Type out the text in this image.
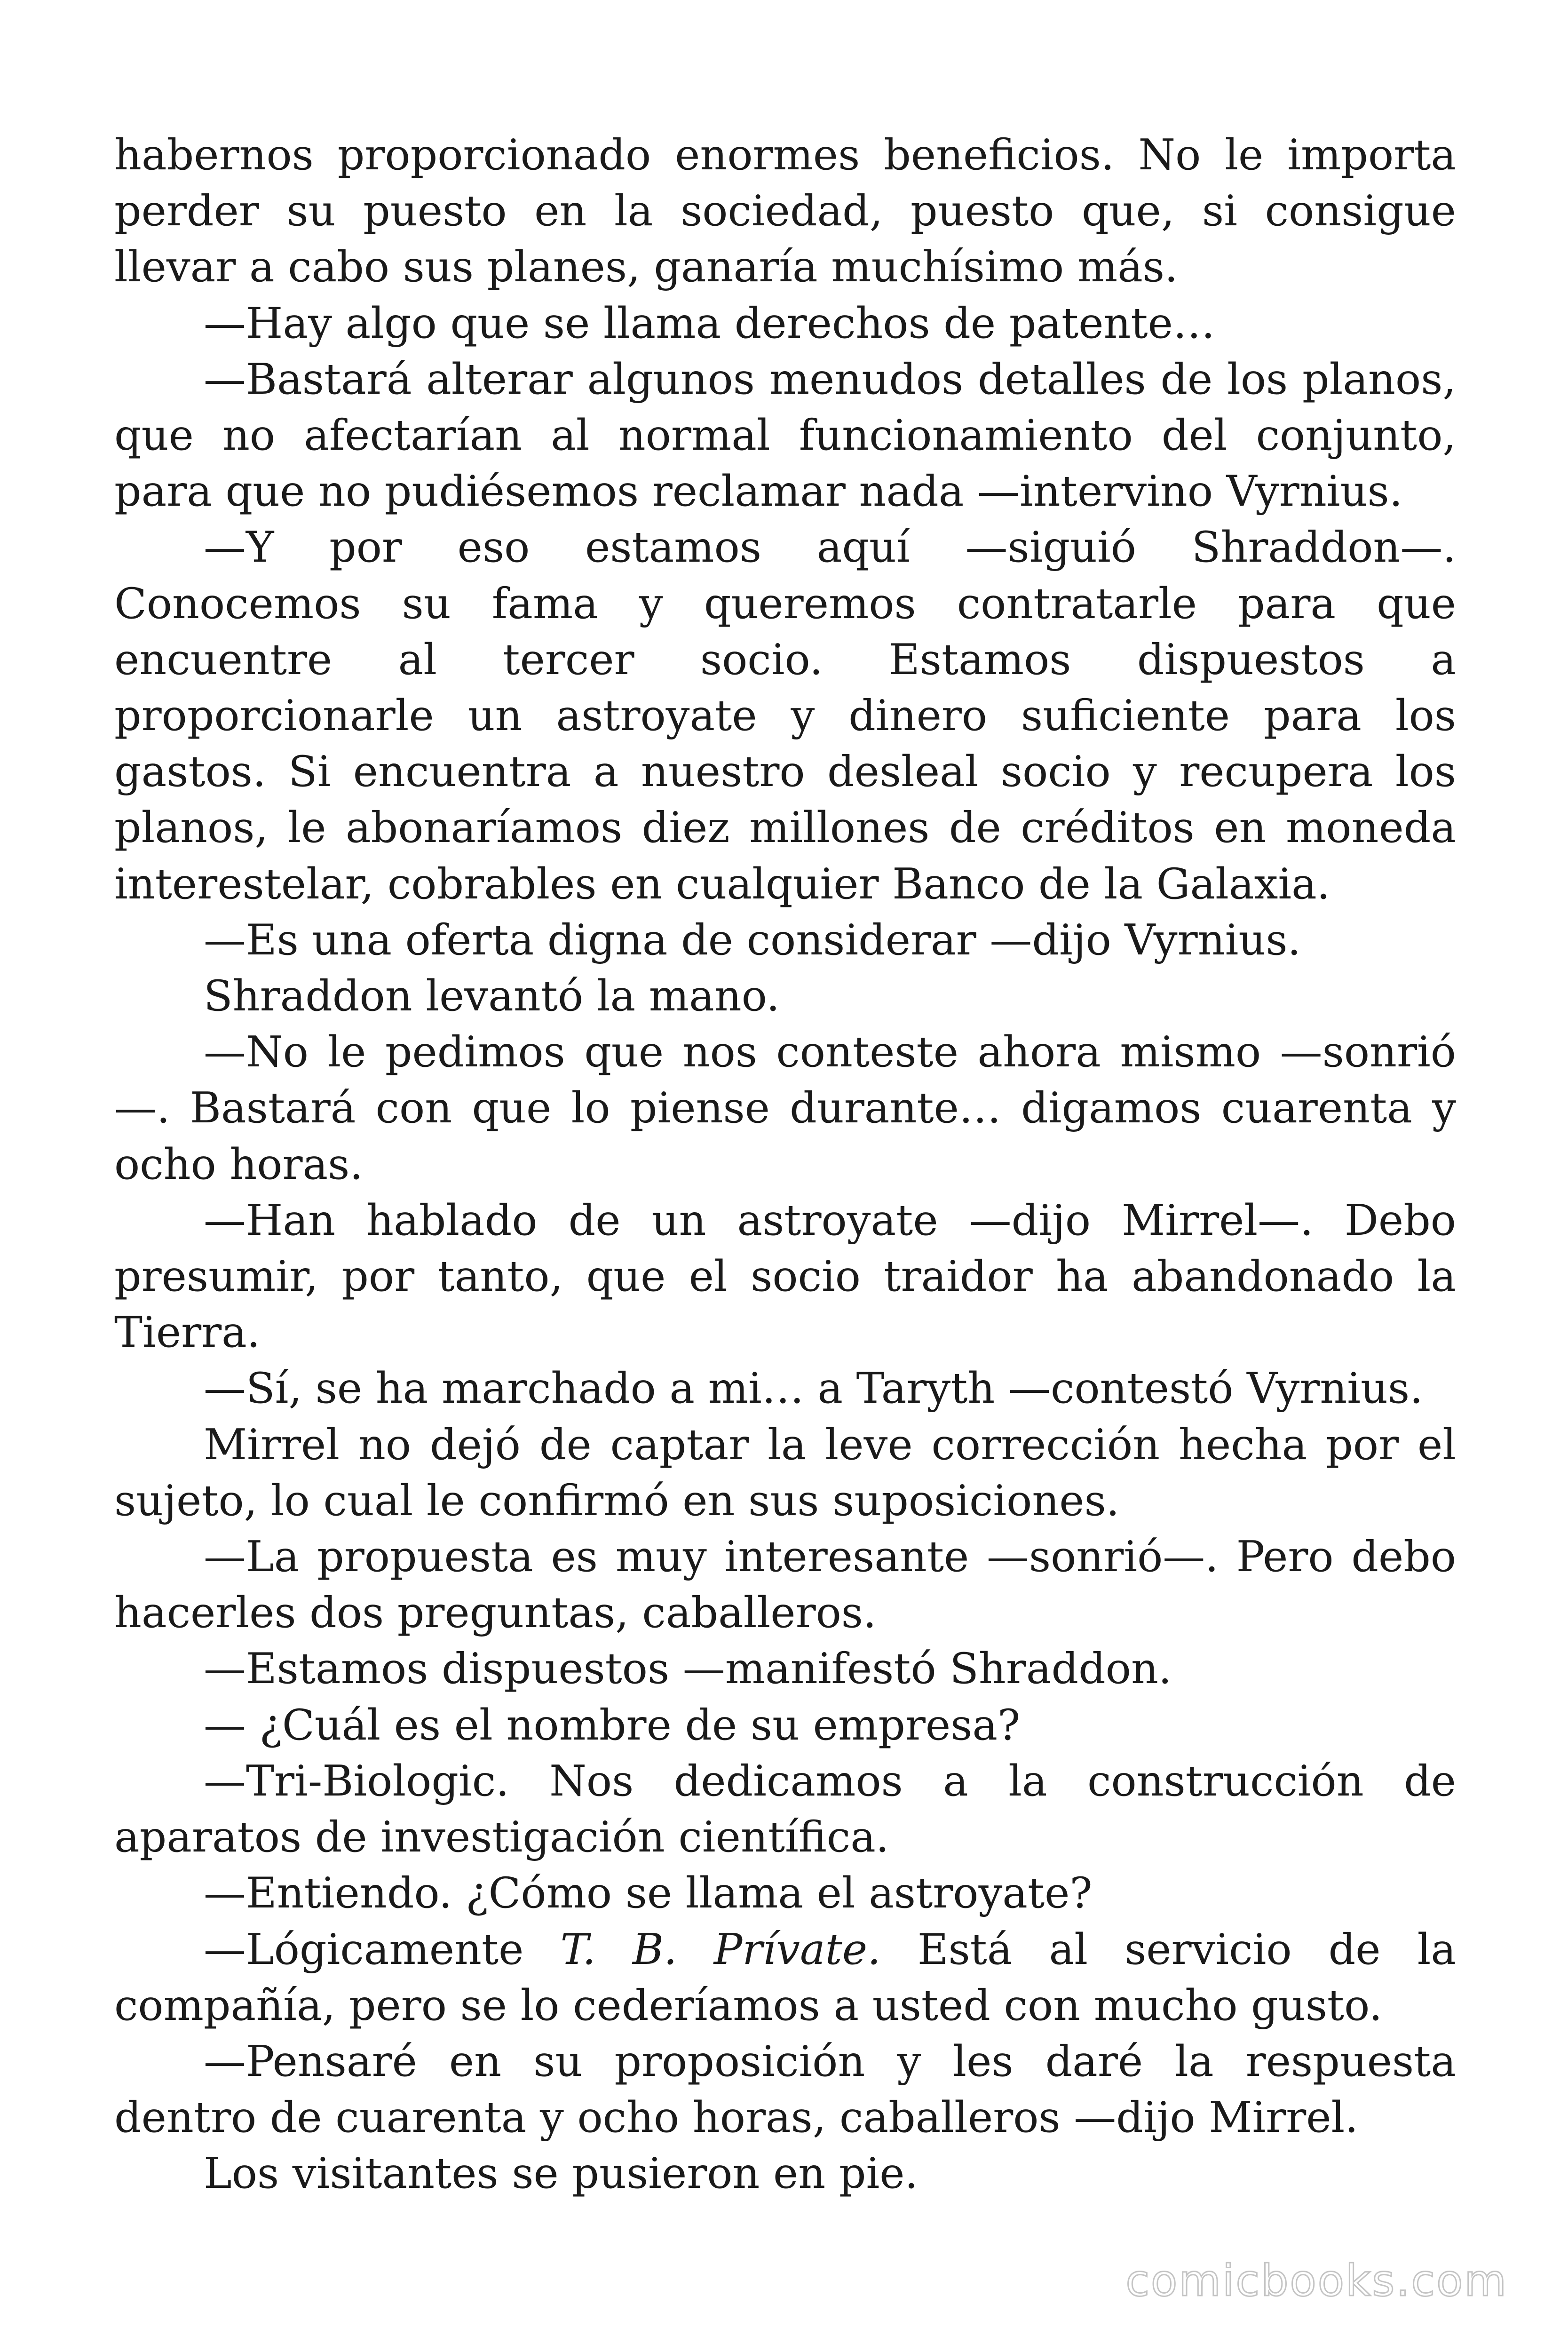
habernos proporcionado enormes beneficios. No le importa perder su puesto en la sociedad, puesto que, si consigue llevar a cabo sus planes, ganaría muchísimo más.

—Hay algo que se llama derechos de patente…

—Bastará alterar algunos menudos detalles de los planos, que no afectarían al normal funcionamiento del conjunto, para que no pudiésemos reclamar nada —intervino Vyrnius.

—Y por eso estamos aquí —siguió Shraddon—. Conocemos su fama y queremos contratarle para que encuentre al tercer socio. Estamos dispuestos a proporcionarle un astroyate y dinero suficiente para los gastos. Si encuentra a nuestro desleal socio y recupera los planos, le abonaríamos diez millones de créditos en moneda interestelar, cobrables en cualquier Banco de la Galaxia.

—Es una oferta digna de considerar —dijo Vyrnius.

Shraddon levantó la mano.

—No le pedimos que nos conteste ahora mismo —sonrió—. Bastará con que lo piense durante… digamos cuarenta y ocho horas.

—Han hablado de un astroyate —dijo Mirrel—. Debo presumir, por tanto, que el socio traidor ha abandonado la Tierra.

—Sí, se ha marchado a mi… a Taryth —contestó Vyrnius.

Mirrel no dejó de captar la leve corrección hecha por el sujeto, lo cual le confirmó en sus suposiciones.

—La propuesta es muy interesante —sonrió—. Pero debo hacerles dos preguntas, caballeros.

—Estamos dispuestos —manifestó Shraddon.

— ¿Cuál es el nombre de su empresa?

—Tri-Biologic. Nos dedicamos a la construcción de aparatos de investigación científica.

—Entiendo. ¿Cómo se llama el astroyate?

—Lógicamente T. B. Prívate. Está al servicio de la compañía, pero se lo cederíamos a usted con mucho gusto.

—Pensaré en su proposición y les daré la respuesta dentro de cuarenta y ocho horas, caballeros —dijo Mirrel.

Los visitantes se pusieron en pie.

comicbooks.com
